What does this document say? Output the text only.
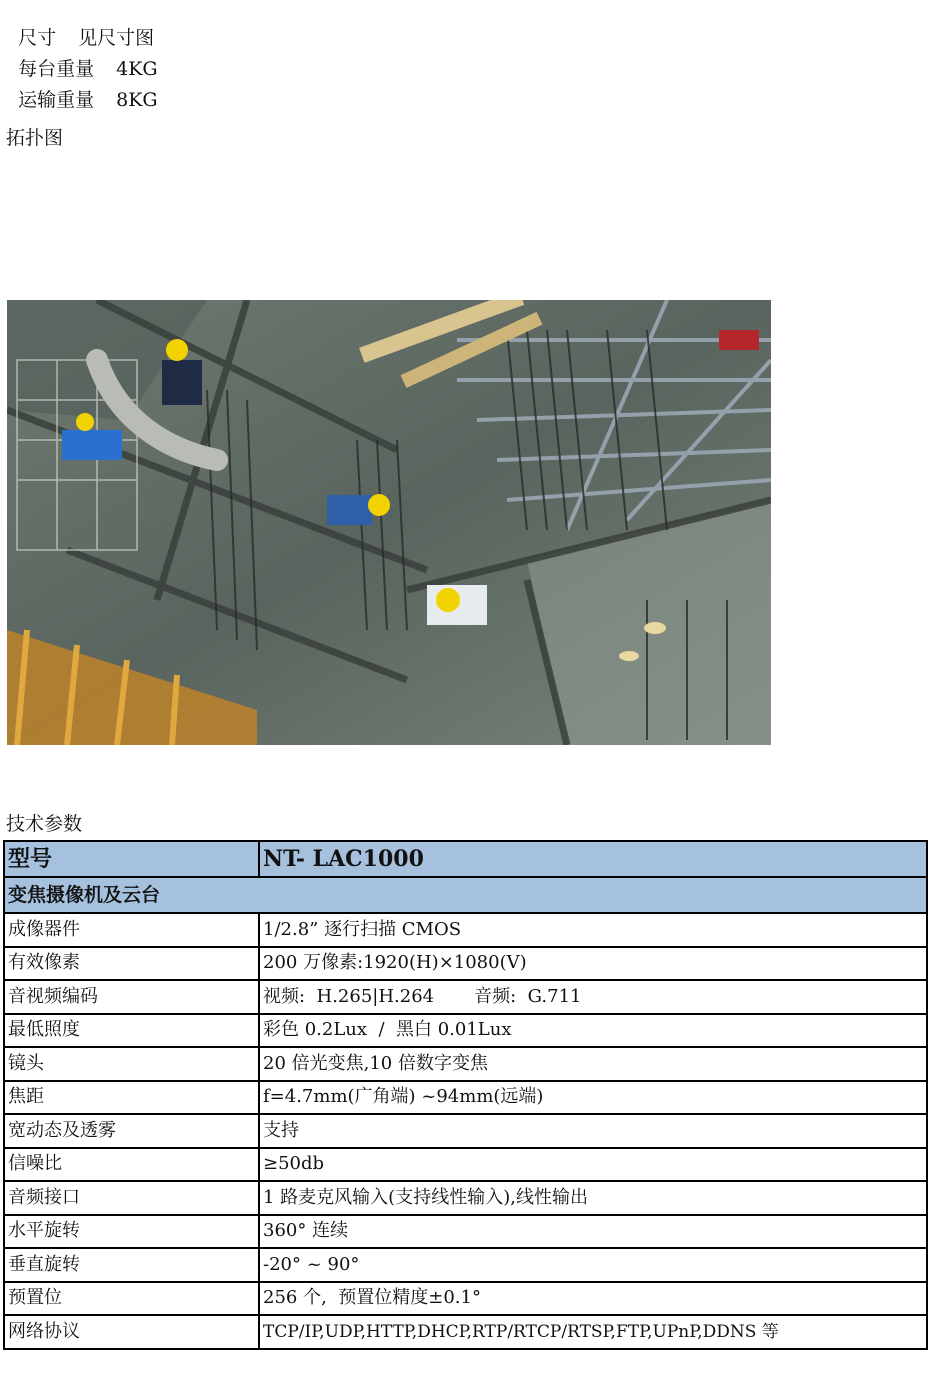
尺寸 见尺寸图

每台重量 4KG

运输重量 8KG

拓扑图
技术参数
型号	NT- LAC1000
变焦摄像机及云台	
成像器件	1/2.8” 逐行扫描 CMOS
有效像素	200 万像素:1920(H)×1080(V)
音视频编码	视频:  H.265|H.264       音频:  G.711
最低照度	彩色 0.2Lux  /  黑白 0.01Lux
镜头	20 倍光变焦,10 倍数字变焦
焦距	f=4.7mm(广角端) ~94mm(远端)
宽动态及透雾	支持
信噪比	≥50db
音频接口	1 路麦克风输入(支持线性输入),线性输出
水平旋转	360° 连续
垂直旋转	-20° ~ 90°
预置位	256 个,  预置位精度±0.1°
网络协议	TCP/IP,UDP,HTTP,DHCP,RTP/RTCP/RTSP,FTP,UPnP,DDNS 等
